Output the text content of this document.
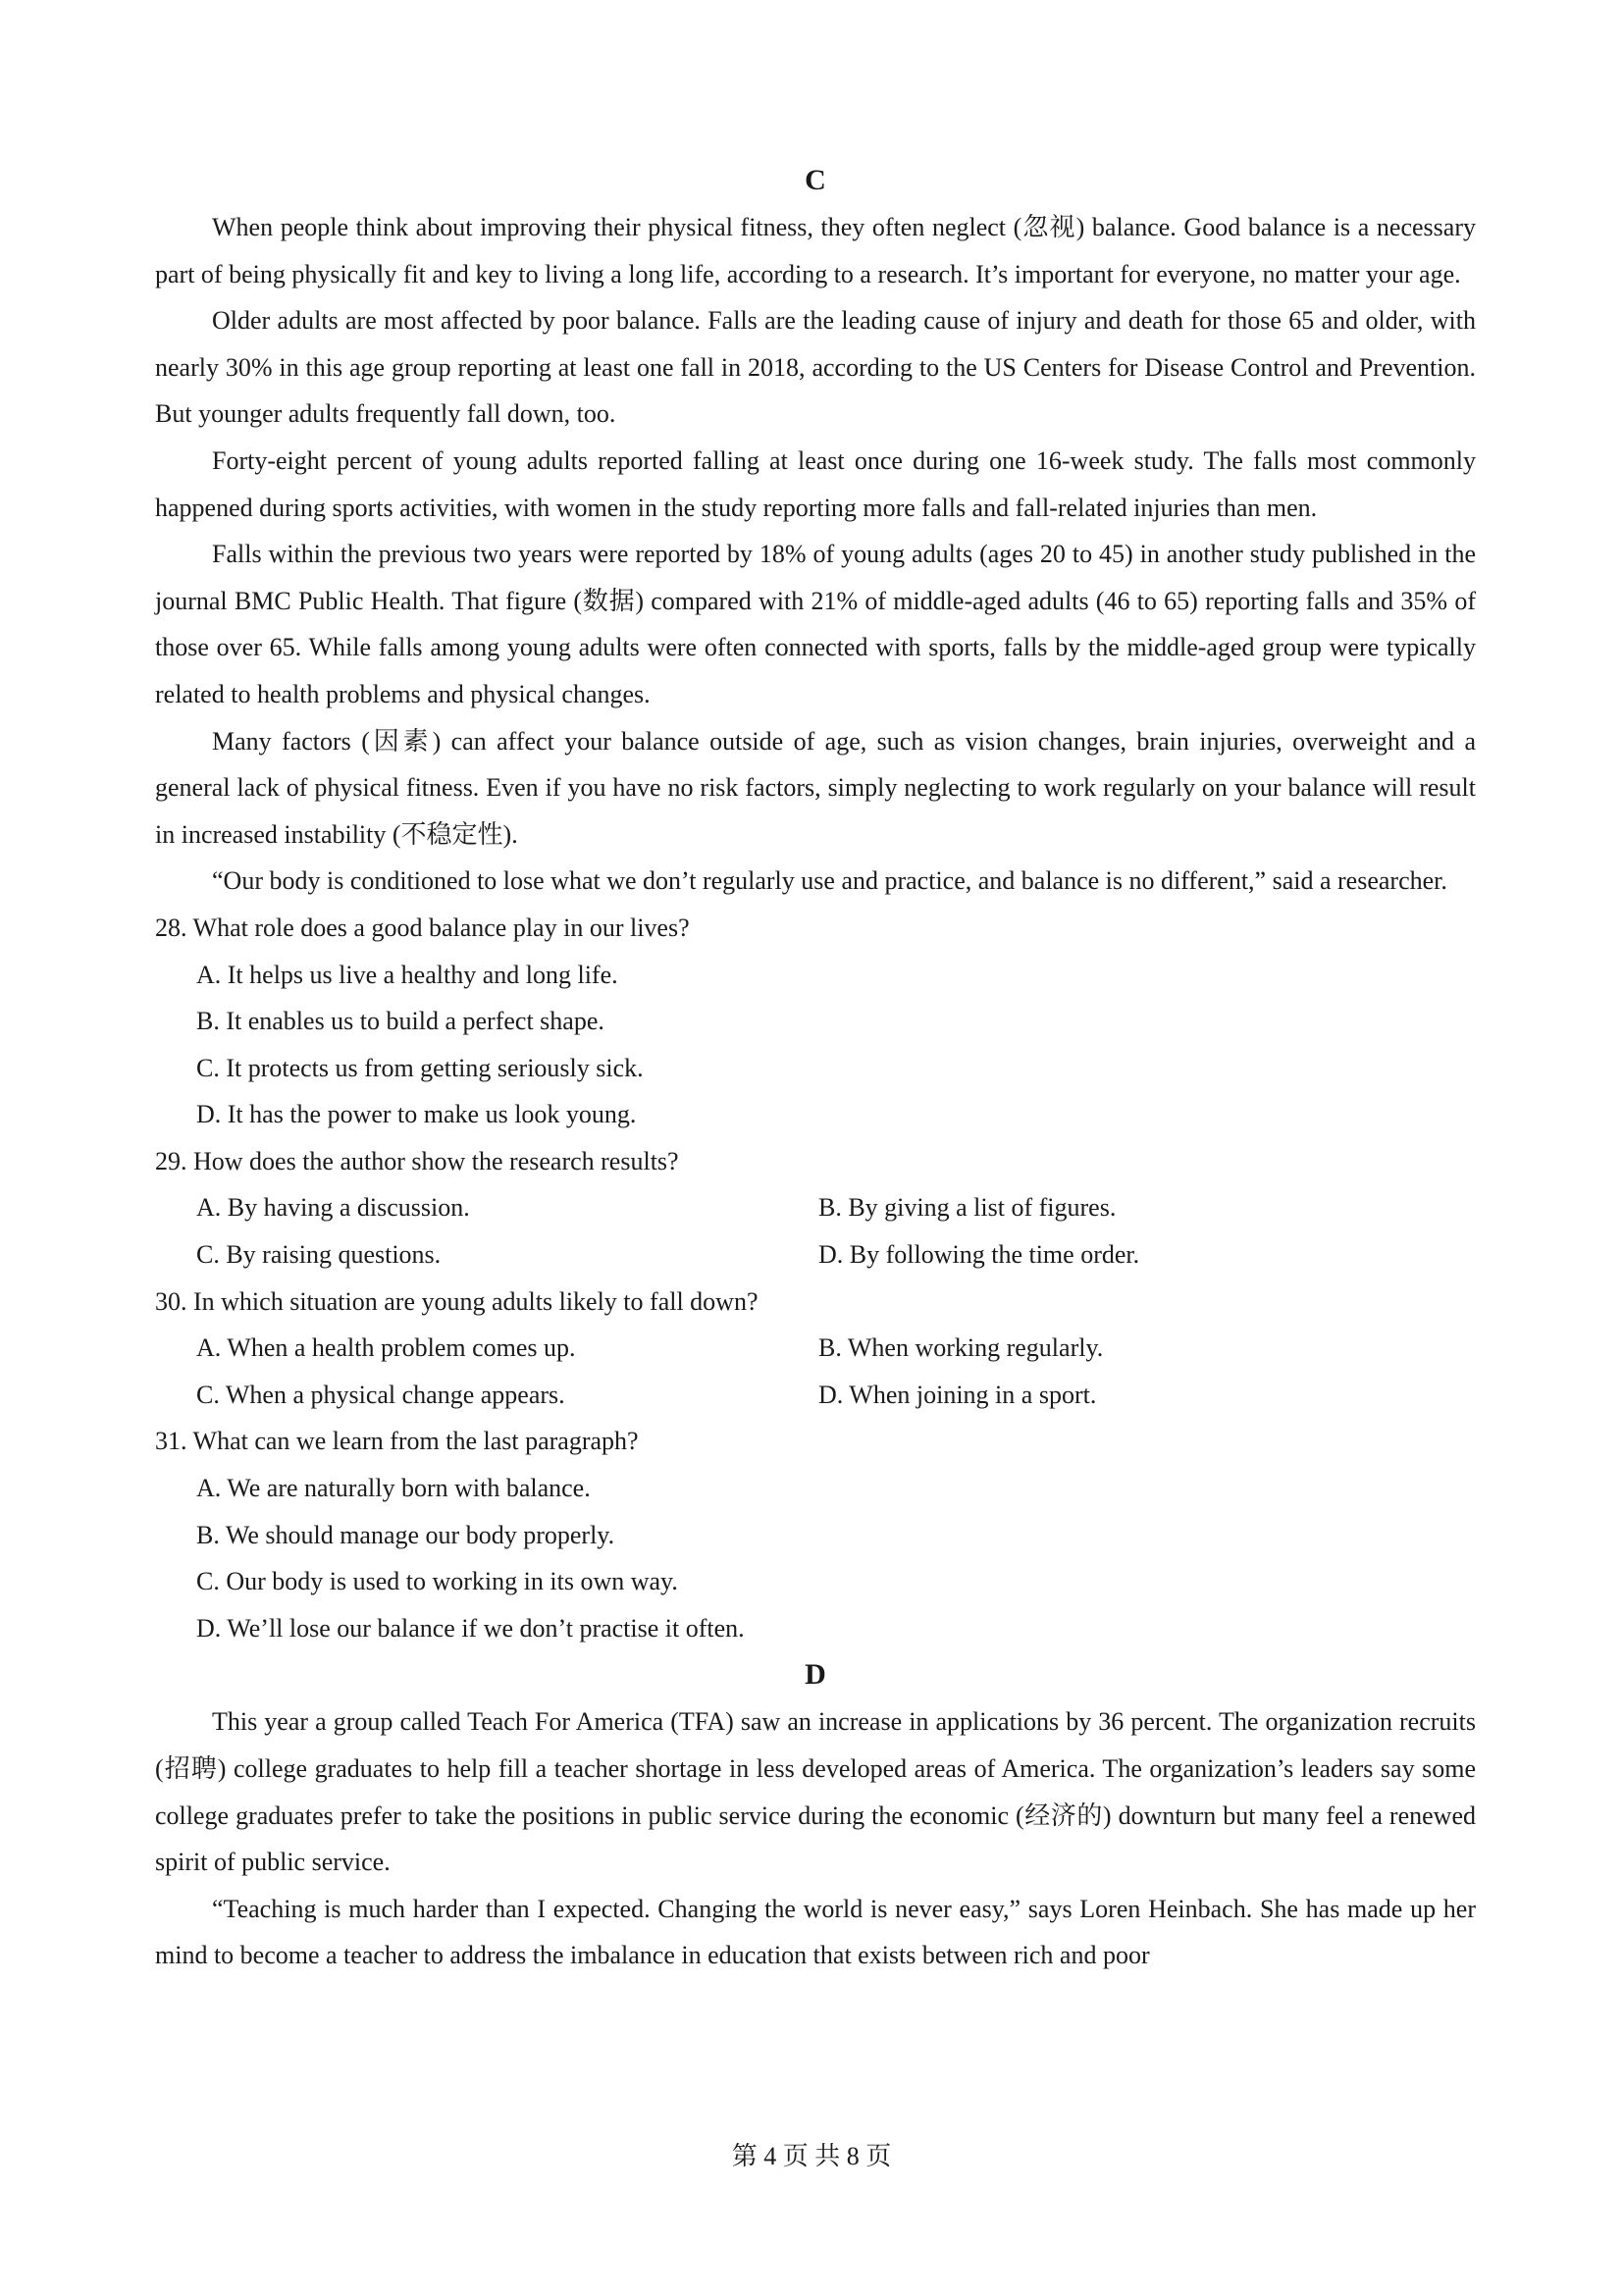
C

When people think about improving their physical fitness, they often neglect (忽视) balance. Good balance is a necessary part of being physically fit and key to living a long life, according to a research. It’s important for everyone, no matter your age.

Older adults are most affected by poor balance. Falls are the leading cause of injury and death for those 65 and older, with nearly 30% in this age group reporting at least one fall in 2018, according to the US Centers for Disease Control and Prevention. But younger adults frequently fall down, too.

Forty-eight percent of young adults reported falling at least once during one 16-week study. The falls most commonly happened during sports activities, with women in the study reporting more falls and fall-related injuries than men.

Falls within the previous two years were reported by 18% of young adults (ages 20 to 45) in another study published in the journal BMC Public Health. That figure (数据) compared with 21% of middle-aged adults (46 to 65) reporting falls and 35% of those over 65. While falls among young adults were often connected with sports, falls by the middle-aged group were typically related to health problems and physical changes.

Many factors (因素) can affect your balance outside of age, such as vision changes, brain injuries, overweight and a general lack of physical fitness. Even if you have no risk factors, simply neglecting to work regularly on your balance will result in increased instability (不稳定性).

“Our body is conditioned to lose what we don’t regularly use and practice, and balance is no different,” said a researcher.

28. What role does a good balance play in our lives?

A. It helps us live a healthy and long life.

B. It enables us to build a perfect shape.

C. It protects us from getting seriously sick.

D. It has the power to make us look young.

29. How does the author show the research results?

A. By having a discussion.	B. By giving a list of figures.

C. By raising questions.	D. By following the time order.

30. In which situation are young adults likely to fall down?

A. When a health problem comes up.	B. When working regularly.

C. When a physical change appears.	D. When joining in a sport.

31. What can we learn from the last paragraph?

A. We are naturally born with balance.

B. We should manage our body properly.

C. Our body is used to working in its own way.

D. We’ll lose our balance if we don’t practise it often.

D

This year a group called Teach For America (TFA) saw an increase in applications by 36 percent. The organization recruits (招聘) college graduates to help fill a teacher shortage in less developed areas of America. The organization’s leaders say some college graduates prefer to take the positions in public service during the economic (经济的) downturn but many feel a renewed spirit of public service.

“Teaching is much harder than I expected. Changing the world is never easy,” says Loren Heinbach. She has made up her mind to become a teacher to address the imbalance in education that exists between rich and poor

第 4 页 共 8 页
